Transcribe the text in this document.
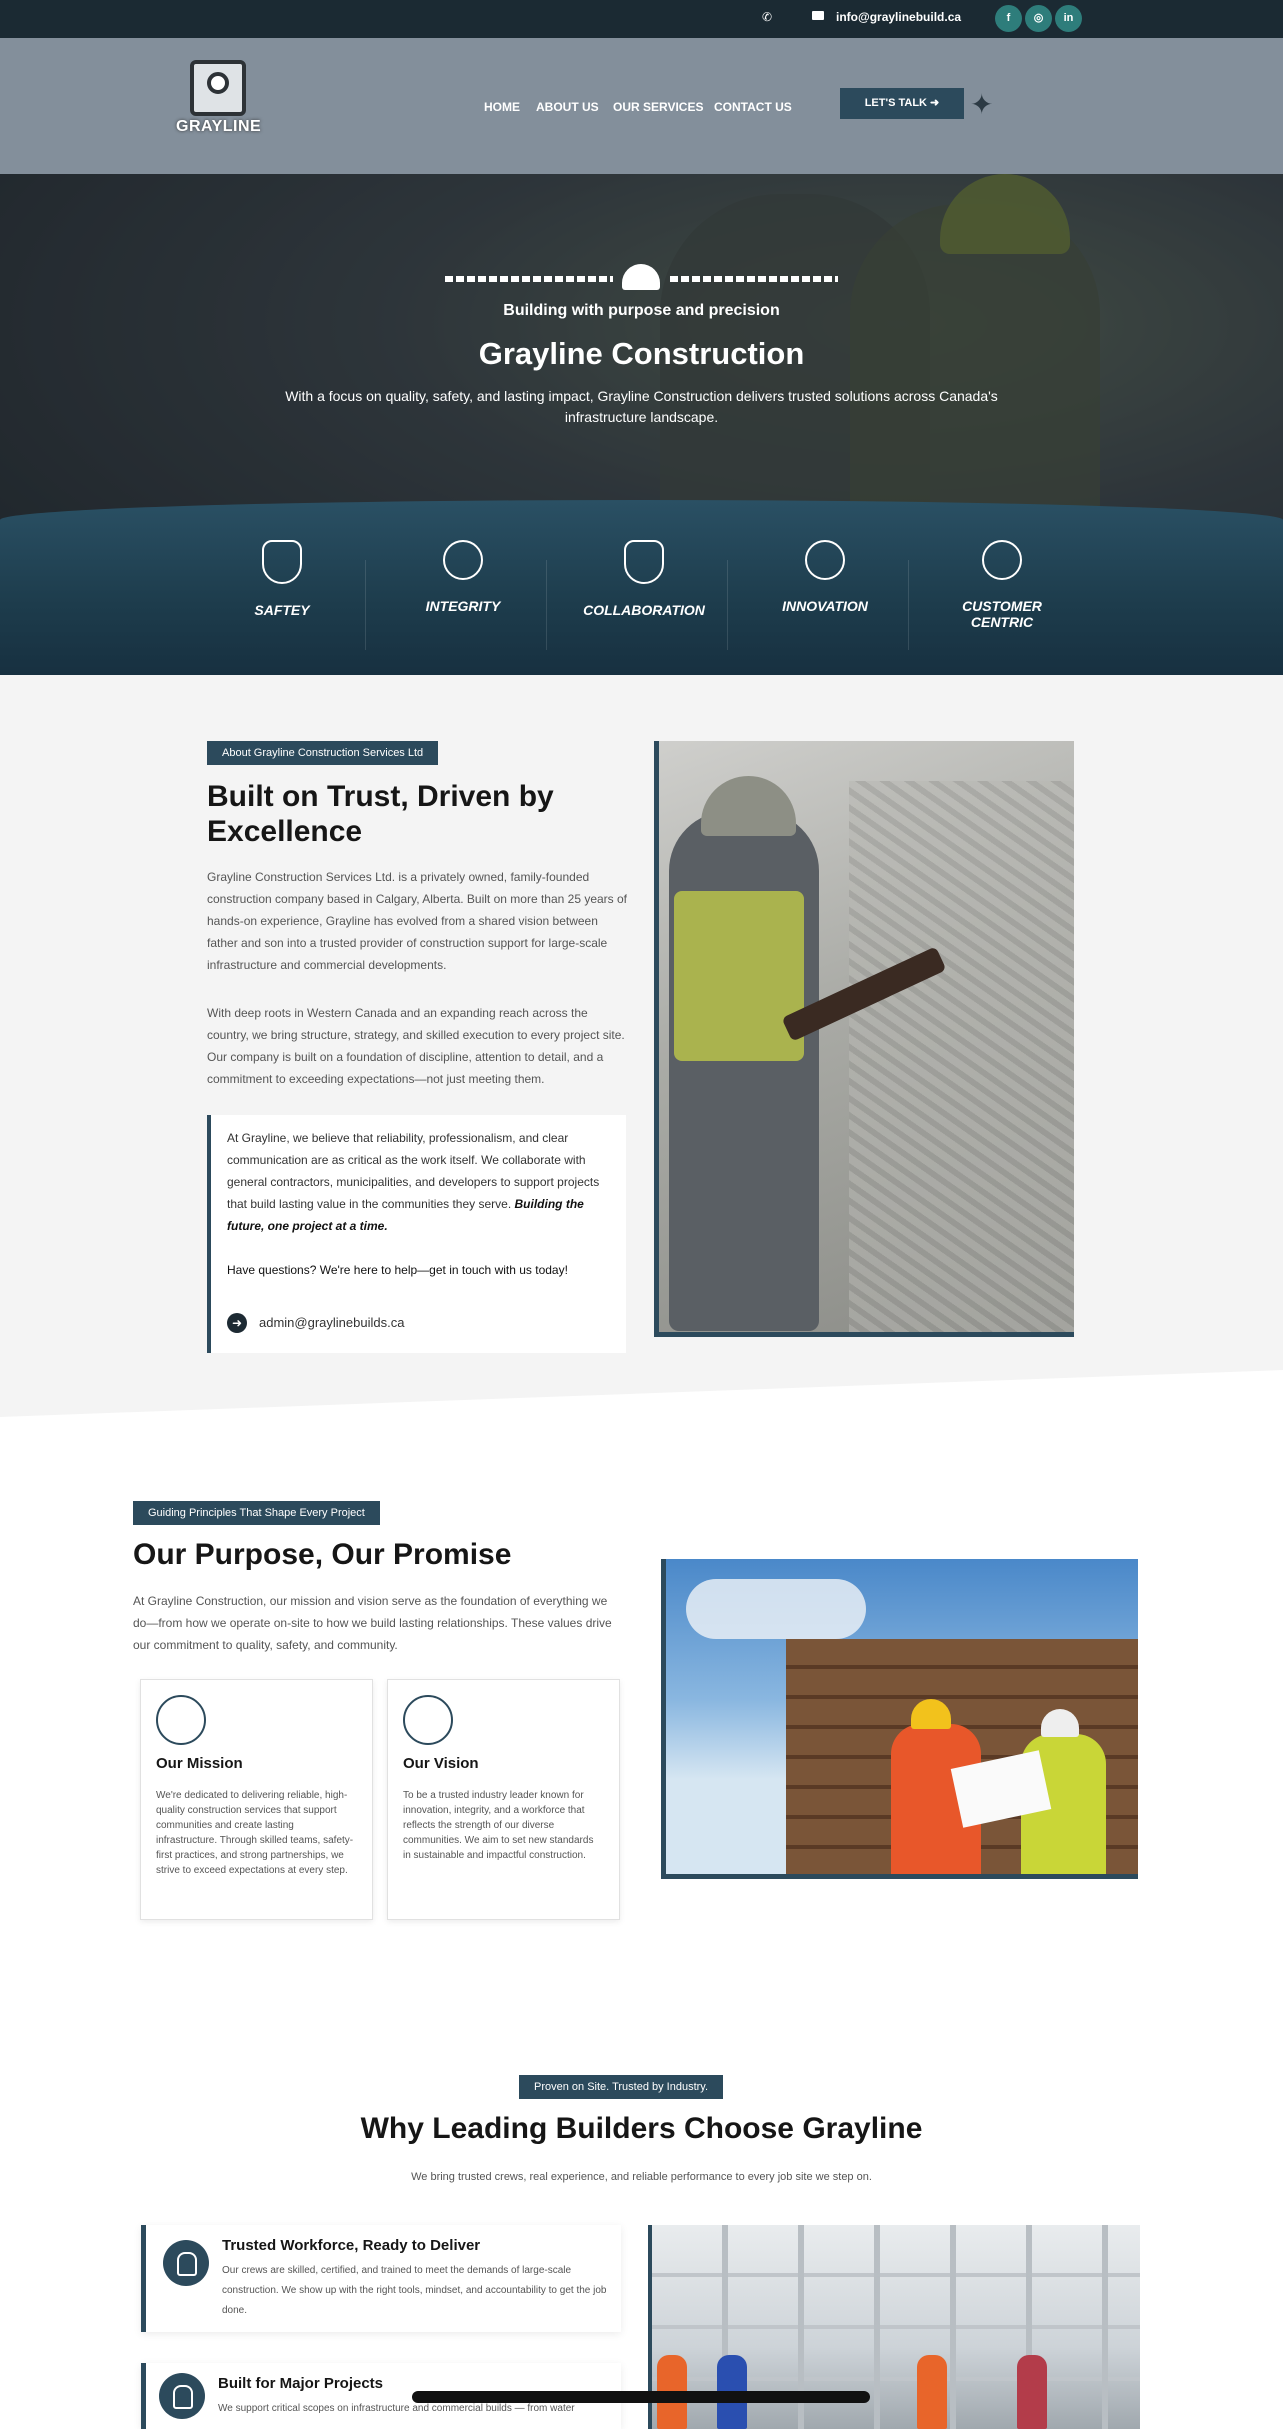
✆	info@graylinebuild.ca	f	◎	in
GRAYLINE
HOME ABOUT US OUR SERVICES CONTACT US	LET'S TALK ➜	✦
Building with purpose and precision
Grayline Construction
With a focus on quality, safety, and lasting impact, Grayline Construction delivers trusted solutions across Canada's infrastructure landscape.
SAFTEY	INTEGRITY	COLLABORATION	INNOVATION	CUSTOMER CENTRIC
About Grayline Construction Services Ltd
Built on Trust, Driven by Excellence
Grayline Construction Services Ltd. is a privately owned, family-founded construction company based in Calgary, Alberta. Built on more than 25 years of hands-on experience, Grayline has evolved from a shared vision between father and son into a trusted provider of construction support for large-scale infrastructure and commercial developments.
With deep roots in Western Canada and an expanding reach across the country, we bring structure, strategy, and skilled execution to every project site. Our company is built on a foundation of discipline, attention to detail, and a commitment to exceeding expectations—not just meeting them.
At Grayline, we believe that reliability, professionalism, and clear communication are as critical as the work itself. We collaborate with general contractors, municipalities, and developers to support projects that build lasting value in the communities they serve. Building the future, one project at a time.
Have questions? We're here to help—get in touch with us today!
➜	admin@graylinebuilds.ca
Guiding Principles That Shape Every Project
Our Purpose, Our Promise
At Grayline Construction, our mission and vision serve as the foundation of everything we do—from how we operate on-site to how we build lasting relationships. These values drive our commitment to quality, safety, and community.
Our Mission
We're dedicated to delivering reliable, high-quality construction services that support communities and create lasting infrastructure. Through skilled teams, safety-first practices, and strong partnerships, we strive to exceed expectations at every step.
Our Vision
To be a trusted industry leader known for innovation, integrity, and a workforce that reflects the strength of our diverse communities. We aim to set new standards in sustainable and impactful construction.
Proven on Site. Trusted by Industry.
Why Leading Builders Choose Grayline
We bring trusted crews, real experience, and reliable performance to every job site we step on.
Trusted Workforce, Ready to Deliver
Our crews are skilled, certified, and trained to meet the demands of large-scale construction. We show up with the right tools, mindset, and accountability to get the job done.
Built for Major Projects
We support critical scopes on infrastructure and commercial builds — from water
